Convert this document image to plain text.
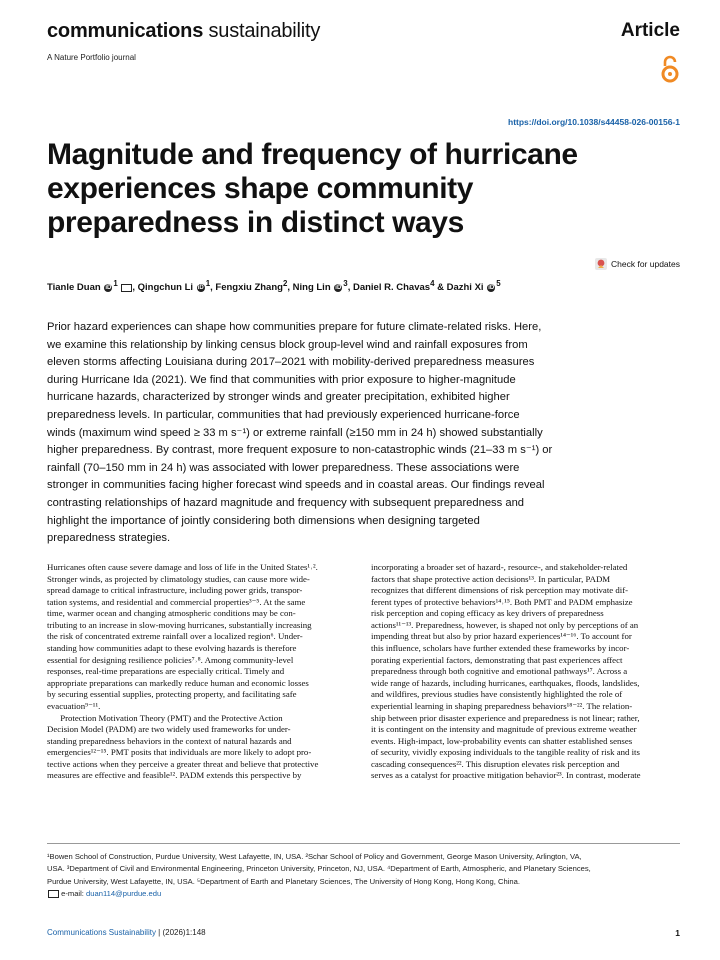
communications sustainability	Article
A Nature Portfolio journal
https://doi.org/10.1038/s44458-026-00156-1
Magnitude and frequency of hurricane
experiences shape community
preparedness in distinct ways
Check for updates
Tianle Duan iD $^1$ , Qingchun Li iD $^1$, Fengxiu Zhang$^2$, Ning Lin iD $^3$, Daniel R. Chavas$^4$ & Dazhi Xi iD $^5$
Prior hazard experiences can shape how communities prepare for future climate-related risks. Here,
we examine this relationship by linking census block group-level wind and rainfall exposures from
eleven storms affecting Louisiana during 2017–2021 with mobility-derived preparedness measures
during Hurricane Ida (2021). We find that communities with prior exposure to higher-magnitude
hurricane hazards, characterized by stronger winds and greater precipitation, exhibited higher
preparedness levels. In particular, communities that had previously experienced hurricane-force
winds (maximum wind speed ≥ 33 m s⁻¹) or extreme rainfall (≥150 mm in 24 h) showed substantially
higher preparedness. By contrast, more frequent exposure to non-catastrophic winds (21–33 m s⁻¹) or
rainfall (70–150 mm in 24 h) was associated with lower preparedness. These associations were
stronger in communities facing higher forecast wind speeds and in coastal areas. Our findings reveal
contrasting relationships of hazard magnitude and frequency with subsequent preparedness and
highlight the importance of jointly considering both dimensions when designing targeted
preparedness strategies.
Hurricanes often cause severe damage and loss of life in the United States¹˒².
Stronger winds, as projected by climatology studies, can cause more wide-
spread damage to critical infrastructure, including power grids, transpor-
tation systems, and residential and commercial properties³⁻⁵. At the same
time, warmer ocean and changing atmospheric conditions may be con-
tributing to an increase in slow-moving hurricanes, substantially increasing
the risk of concentrated extreme rainfall over a localized region⁶. Under-
standing how communities adapt to these evolving hazards is therefore
essential for designing resilience policies⁷˒⁸. Among community-level
responses, real-time preparations are especially critical. Timely and
appropriate preparations can markedly reduce human and economic losses
by securing essential supplies, protecting property, and facilitating safe
evacuation⁹⁻¹¹.
Protection Motivation Theory (PMT) and the Protective Action
Decision Model (PADM) are two widely used frameworks for under-
standing preparedness behaviors in the context of natural hazards and
emergencies¹²⁻¹⁵. PMT posits that individuals are more likely to adopt pro-
tective actions when they perceive a greater threat and believe that protective
measures are effective and feasible¹². PADM extends this perspective by
incorporating a broader set of hazard-, resource-, and stakeholder-related
factors that shape protective action decisions¹³. In particular, PADM
recognizes that different dimensions of risk perception may motivate dif-
ferent types of protective behaviors¹⁴˒¹⁵. Both PMT and PADM emphasize
risk perception and coping efficacy as key drivers of preparedness
actions¹¹⁻¹³. Preparedness, however, is shaped not only by perceptions of an
impending threat but also by prior hazard experiences¹⁴⁻¹⁶. To account for
this influence, scholars have further extended these frameworks by incor-
porating experiential factors, demonstrating that past experiences affect
preparedness through both cognitive and emotional pathways¹⁷. Across a
wide range of hazards, including hurricanes, earthquakes, floods, landslides,
and wildfires, previous studies have consistently highlighted the role of
experiential learning in shaping preparedness behaviors¹⁸⁻²². The relation-
ship between prior disaster experience and preparedness is not linear; rather,
it is contingent on the intensity and magnitude of previous extreme weather
events. High-impact, low-probability events can shatter established senses
of security, vividly exposing individuals to the tangible reality of risk and its
cascading consequences²². This disruption elevates risk perception and
serves as a catalyst for proactive mitigation behavior²³. In contrast, moderate
¹Bowen School of Construction, Purdue University, West Lafayette, IN, USA. ²Schar School of Policy and Government, George Mason University, Arlington, VA,
USA. ³Department of Civil and Environmental Engineering, Princeton University, Princeton, NJ, USA. ⁴Department of Earth, Atmospheric, and Planetary Sciences,
Purdue University, West Lafayette, IN, USA. ⁵Department of Earth and Planetary Sciences, The University of Hong Kong, Hong Kong, China.
e-mail: duan114@purdue.edu
Communications Sustainability | (2026)1:148	1
